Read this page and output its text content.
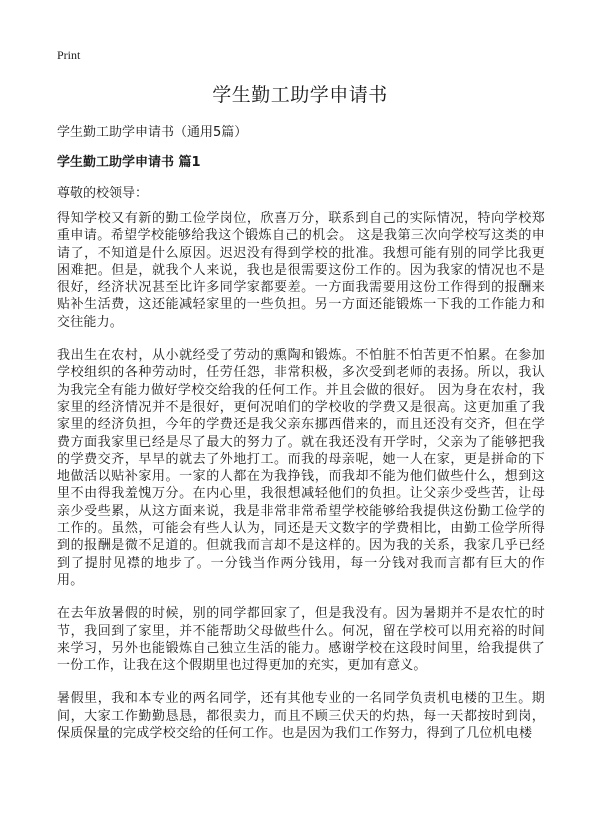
Print
学生勤工助学申请书
学生勤工助学申请书（通用5篇）
学生勤工助学申请书 篇1
尊敬的校领导：

得知学校又有新的勤工俭学岗位，欣喜万分，联系到自己的实际情况，特向学校郑重申请。希望学校能够给我这个锻炼自己的机会。 这是我第三次向学校写这类的申请了，不知道是什么原因。迟迟没有得到学校的批准。我想可能有别的同学比我更困难把。但是，就我个人来说，我也是很需要这份工作的。因为我家的情况也不是很好，经济状况甚至比许多同学家都要差。一方面我需要用这份工作得到的报酬来贴补生活费，这还能减轻家里的一些负担。另一方面还能锻炼一下我的工作能力和交往能力。

我出生在农村，从小就经受了劳动的熏陶和锻炼。不怕脏不怕苦更不怕累。在参加学校组织的各种劳动时，任劳任怨，非常积极，多次受到老师的表扬。所以，我认为我完全有能力做好学校交给我的任何工作。并且会做的很好。 因为身在农村，我家里的经济情况并不是很好，更何况咱们的学校收的学费又是很高。这更加重了我家里的经济负担，今年的学费还是我父亲东挪西借来的，而且还没有交齐，但在学费方面我家里已经是尽了最大的努力了。就在我还没有开学时，父亲为了能够把我的学费交齐，早早的就去了外地打工。而我的母亲呢，她一人在家，更是拼命的下地做活以贴补家用。一家的人都在为我挣钱，而我却不能为他们做些什么，想到这里不由得我羞愧万分。在内心里，我很想减轻他们的负担。让父亲少受些苦，让母亲少受些累，从这方面来说，我是非常非常希望学校能够给我提供这份勤工俭学的工作的。虽然，可能会有些人认为，同还是天文数字的学费相比，由勤工俭学所得到的报酬是微不足道的。但就我而言却不是这样的。因为我的关系，我家几乎已经到了提肘见襟的地步了。一分钱当作两分钱用，每一分钱对我而言都有巨大的作用。

在去年放暑假的时候，别的同学都回家了，但是我没有。因为暑期并不是农忙的时节，我回到了家里，并不能帮助父母做些什么。何况，留在学校可以用充裕的时间来学习，另外也能锻炼自己独立生活的能力。感谢学校在这段时间里，给我提供了一份工作，让我在这个假期里也过得更加的充实，更加有意义。

暑假里，我和本专业的两名同学，还有其他专业的一名同学负责机电楼的卫生。期间，大家工作勤勤恳恳，都很卖力，而且不顾三伏天的灼热，每一天都按时到岗，保质保量的完成学校交给的任何工作。也是因为我们工作努力，得到了几位机电楼
